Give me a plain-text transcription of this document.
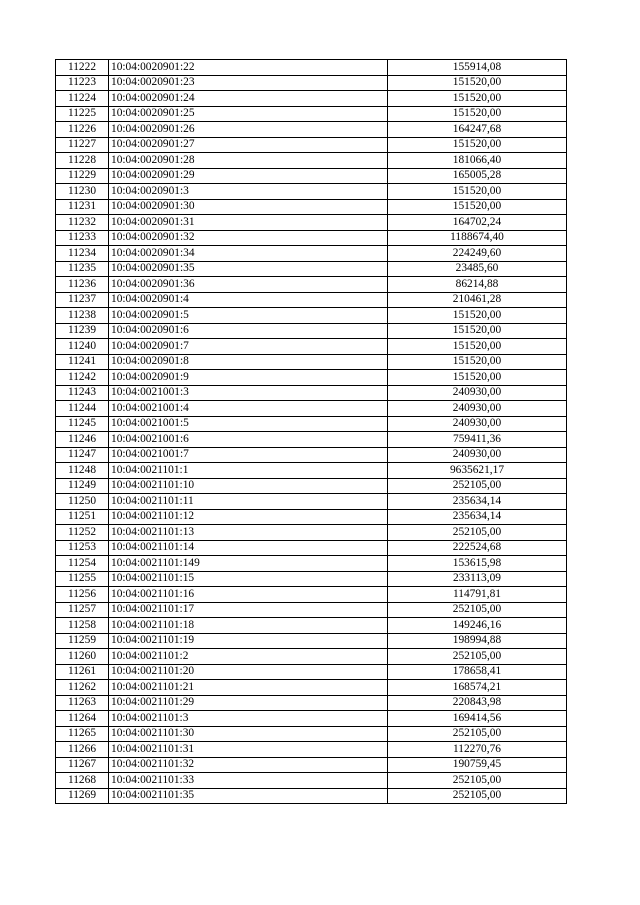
11222	10:04:0020901:22	155914,08
11223	10:04:0020901:23	151520,00
11224	10:04:0020901:24	151520,00
11225	10:04:0020901:25	151520,00
11226	10:04:0020901:26	164247,68
11227	10:04:0020901:27	151520,00
11228	10:04:0020901:28	181066,40
11229	10:04:0020901:29	165005,28
11230	10:04:0020901:3	151520,00
11231	10:04:0020901:30	151520,00
11232	10:04:0020901:31	164702,24
11233	10:04:0020901:32	1188674,40
11234	10:04:0020901:34	224249,60
11235	10:04:0020901:35	23485,60
11236	10:04:0020901:36	86214,88
11237	10:04:0020901:4	210461,28
11238	10:04:0020901:5	151520,00
11239	10:04:0020901:6	151520,00
11240	10:04:0020901:7	151520,00
11241	10:04:0020901:8	151520,00
11242	10:04:0020901:9	151520,00
11243	10:04:0021001:3	240930,00
11244	10:04:0021001:4	240930,00
11245	10:04:0021001:5	240930,00
11246	10:04:0021001:6	759411,36
11247	10:04:0021001:7	240930,00
11248	10:04:0021101:1	9635621,17
11249	10:04:0021101:10	252105,00
11250	10:04:0021101:11	235634,14
11251	10:04:0021101:12	235634,14
11252	10:04:0021101:13	252105,00
11253	10:04:0021101:14	222524,68
11254	10:04:0021101:149	153615,98
11255	10:04:0021101:15	233113,09
11256	10:04:0021101:16	114791,81
11257	10:04:0021101:17	252105,00
11258	10:04:0021101:18	149246,16
11259	10:04:0021101:19	198994,88
11260	10:04:0021101:2	252105,00
11261	10:04:0021101:20	178658,41
11262	10:04:0021101:21	168574,21
11263	10:04:0021101:29	220843,98
11264	10:04:0021101:3	169414,56
11265	10:04:0021101:30	252105,00
11266	10:04:0021101:31	112270,76
11267	10:04:0021101:32	190759,45
11268	10:04:0021101:33	252105,00
11269	10:04:0021101:35	252105,00
